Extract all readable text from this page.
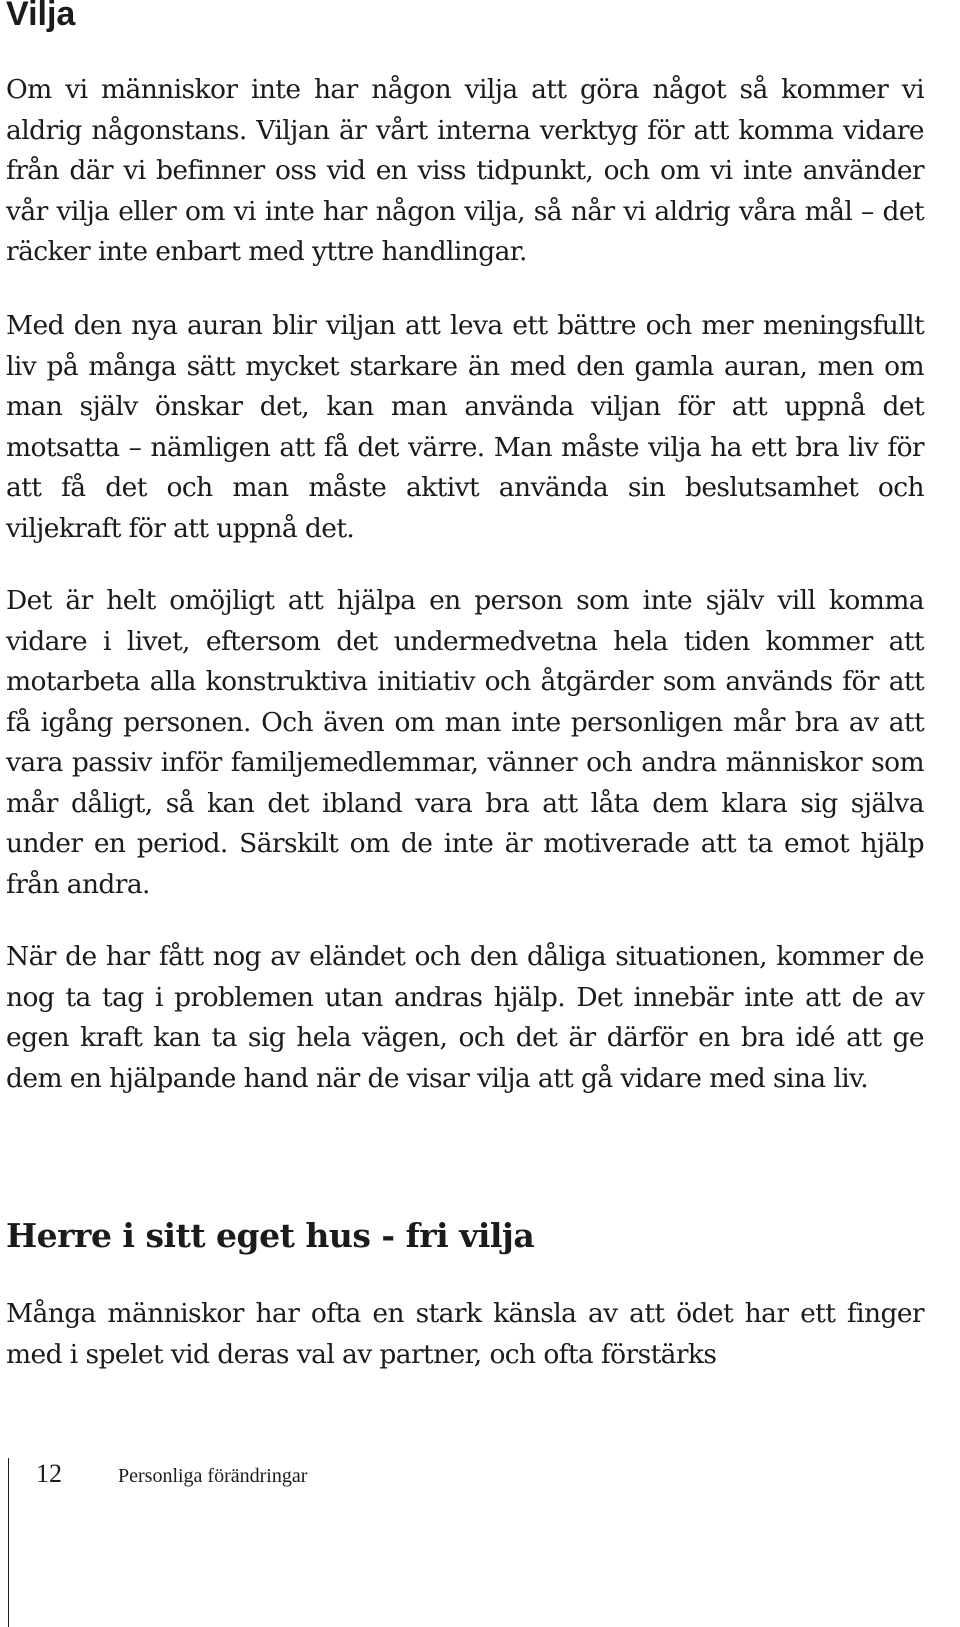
Vilja

Om vi människor inte har någon vilja att göra något så kommer vi aldrig någonstans. Viljan är vårt interna verktyg för att komma vidare från där vi befinner oss vid en viss tidpunkt, och om vi inte använder vår vilja eller om vi inte har någon vilja, så når vi aldrig våra mål – det räcker inte enbart med yttre handlingar.

Med den nya auran blir viljan att leva ett bättre och mer meningsfullt liv på många sätt mycket starkare än med den gamla auran, men om man själv önskar det, kan man använda viljan för att uppnå det motsatta – nämligen att få det värre. Man måste vilja ha ett bra liv för att få det och man måste aktivt använda sin beslutsamhet och viljekraft för att uppnå det.

Det är helt omöjligt att hjälpa en person som inte själv vill komma vidare i livet, eftersom det undermedvetna hela tiden kommer att motarbeta alla konstruktiva initiativ och åtgärder som används för att få igång personen. Och även om man inte personligen mår bra av att vara passiv inför familjemedlemmar, vänner och andra människor som mår dåligt, så kan det ibland vara bra att låta dem klara sig själva under en period. Särskilt om de inte är motiverade att ta emot hjälp från andra.

När de har fått nog av eländet och den dåliga situationen, kommer de nog ta tag i problemen utan andras hjälp. Det innebär inte att de av egen kraft kan ta sig hela vägen, och det är därför en bra idé att ge dem en hjälpande hand när de visar vilja att gå vidare med sina liv.

Herre i sitt eget hus - fri vilja

Många människor har ofta en stark känsla av att ödet har ett finger med i spelet vid deras val av partner, och ofta förstärks

12	Personliga förändringar
